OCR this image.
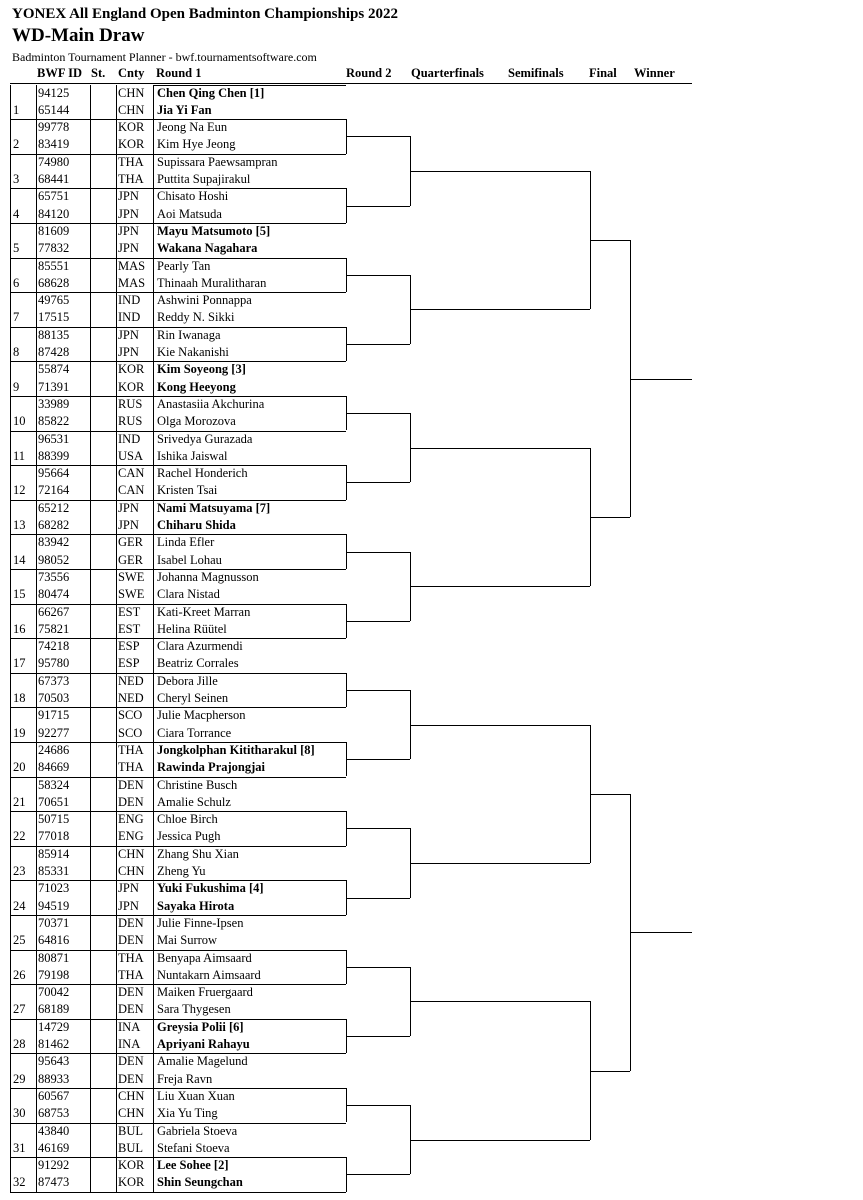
YONEX All England Open Badminton Championships 2022
WD-Main Draw
Badminton Tournament Planner - bwf.tournamentsoftware.com
BWF ID St. Cnty Round 1	Round 2 Quarterfinals Semifinals Final Winner
1
94125	CHN Chen Qing Chen [1]
65144	CHN Jia Yi Fan
2
99778	KOR Jeong Na Eun
83419	KOR Kim Hye Jeong
3
74980	THA Supissara Paewsampran
68441	THA Puttita Supajirakul
4
65751	JPN Chisato Hoshi
84120	JPN Aoi Matsuda
5
81609	JPN Mayu Matsumoto [5]
77832	JPN Wakana Nagahara
6
85551	MAS Pearly Tan
68628	MAS Thinaah Muralitharan
7
49765	IND Ashwini Ponnappa
17515	IND Reddy N. Sikki
8
88135	JPN Rin Iwanaga
87428	JPN Kie Nakanishi
9
55874	KOR Kim Soyeong [3]
71391	KOR Kong Heeyong
10
33989	RUS Anastasiia Akchurina
85822	RUS Olga Morozova
11
96531	IND Srivedya Gurazada
88399	USA Ishika Jaiswal
12
95664	CAN Rachel Honderich
72164	CAN Kristen Tsai
13
65212	JPN Nami Matsuyama [7]
68282	JPN Chiharu Shida
14
83942	GER Linda Efler
98052	GER Isabel Lohau
15
73556	SWE Johanna Magnusson
80474	SWE Clara Nistad
16
66267	EST Kati-Kreet Marran
75821	EST Helina Rüütel
17
74218	ESP Clara Azurmendi
95780	ESP Beatriz Corrales
18
67373	NED Debora Jille
70503	NED Cheryl Seinen
19
91715	SCO Julie Macpherson
92277	SCO Ciara Torrance
20
24686	THA Jongkolphan Kititharakul [8]
84669	THA Rawinda Prajongjai
21
58324	DEN Christine Busch
70651	DEN Amalie Schulz
22
50715	ENG Chloe Birch
77018	ENG Jessica Pugh
23
85914	CHN Zhang Shu Xian
85331	CHN Zheng Yu
24
71023	JPN Yuki Fukushima [4]
94519	JPN Sayaka Hirota
25
70371	DEN Julie Finne-Ipsen
64816	DEN Mai Surrow
26
80871	THA Benyapa Aimsaard
79198	THA Nuntakarn Aimsaard
27
70042	DEN Maiken Fruergaard
68189	DEN Sara Thygesen
28
14729	INA Greysia Polii [6]
81462	INA Apriyani Rahayu
29
95643	DEN Amalie Magelund
88933	DEN Freja Ravn
30
60567	CHN Liu Xuan Xuan
68753	CHN Xia Yu Ting
31
43840	BUL Gabriela Stoeva
46169	BUL Stefani Stoeva
32
91292	KOR Lee Sohee [2]
87473	KOR Shin Seungchan
